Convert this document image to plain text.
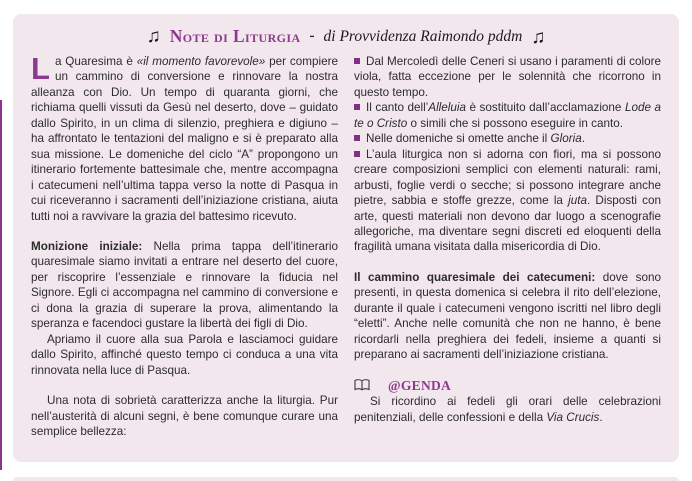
♫ Note di Liturgia - di Provvidenza Raimondo pddm ♫

La Quaresima è «il momento favorevole» per compiere un cammino di conversione e rinnovare la nostra alleanza con Dio. Un tempo di quaranta giorni, che richiama quelli vissuti da Gesù nel deserto, dove – guidato dallo Spirito, in un clima di silenzio, preghiera e digiuno – ha affrontato le tentazioni del maligno e si è preparato alla sua missione. Le domeniche del ciclo “A” propongono un itinerario fortemente battesimale che, mentre accompagna i catecumeni nell’ultima tappa verso la notte di Pasqua in cui riceveranno i sacramenti dell’iniziazione cristiana, aiuta tutti noi a ravvivare la grazia del battesimo ricevuto.

Monizione iniziale: Nella prima tappa dell’itinerario quaresimale siamo invitati a entrare nel deserto del cuore, per riscoprire l’essenziale e rinnovare la fiducia nel Signore. Egli ci accompagna nel cammino di conversione e ci dona la grazia di superare la prova, alimentando la speranza e facendoci gustare la libertà dei figli di Dio.

Apriamo il cuore alla sua Parola e lasciamoci guidare dallo Spirito, affinché questo tempo ci conduca a una vita rinnovata nella luce di Pasqua.

Una nota di sobrietà caratterizza anche la liturgia. Pur nell’austerità di alcuni segni, è bene comunque curare una semplice bellezza:

Dal Mercoledì delle Ceneri si usano i paramenti di colore viola, fatta eccezione per le solennità che ricorrono in questo tempo.

Il canto dell’Alleluia è sostituito dall’acclamazione Lode a te o Cristo o simili che si possono eseguire in canto.

Nelle domeniche si omette anche il Gloria.

L’aula liturgica non si adorna con fiori, ma si possono creare composizioni semplici con elementi naturali: rami, arbusti, foglie verdi o secche; si possono integrare anche pietre, sabbia e stoffe grezze, come la juta. Disposti con arte, questi materiali non devono dar luogo a scenografie allegoriche, ma diventare segni discreti ed eloquenti della fragilità umana visitata dalla misericordia di Dio.

Il cammino quaresimale dei catecumeni: dove sono presenti, in questa domenica si celebra il rito dell’elezione, durante il quale i catecumeni vengono iscritti nel libro degli “eletti”. Anche nelle comunità che non ne hanno, è bene ricordarli nella preghiera dei fedeli, insieme a quanti si preparano ai sacramenti dell’iniziazione cristiana.

@GENDA

Si ricordino ai fedeli gli orari delle celebrazioni penitenziali, delle confessioni e della Via Crucis.
